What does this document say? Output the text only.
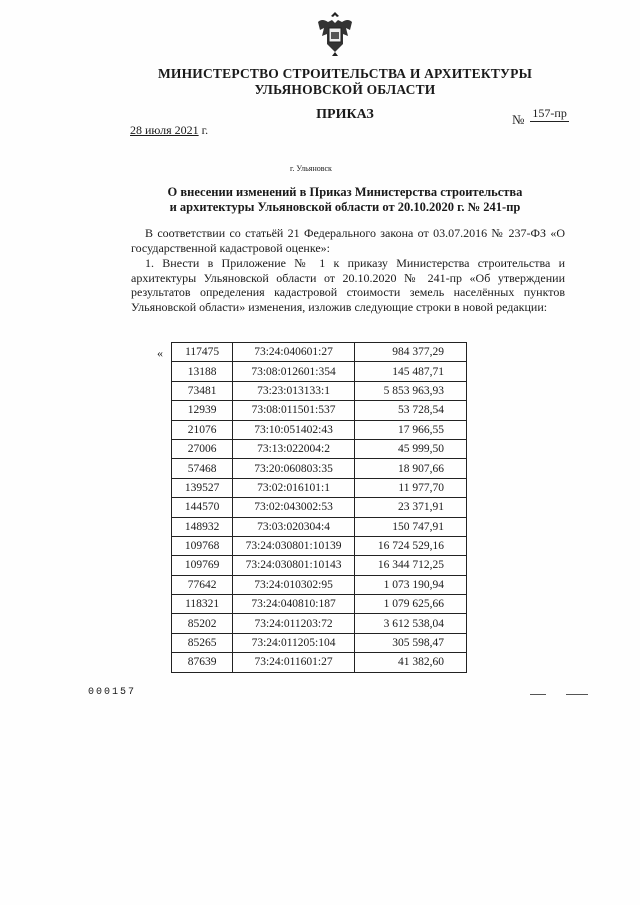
МИНИСТЕРСТВО СТРОИТЕЛЬСТВА И АРХИТЕКТУРЫ
УЛЬЯНОВСКОЙ ОБЛАСТИ
ПРИКАЗ
28 июля 2021 г.
№ 157-пр
г. Ульяновск
О внесении изменений в Приказ Министерства строительства
и архитектуры Ульяновской области от 20.10.2020 г. № 241-пр
В соответствии со статьёй 21 Федерального закона от 03.07.2016 № 237-ФЗ «О государственной кадастровой оценке»:
1. Внести в Приложение № 1 к приказу Министерства строительства и архитектуры Ульяновской области от 20.10.2020 № 241-пр «Об утверждении результатов определения кадастровой стоимости земель населённых пунктов Ульяновской области» изменения, изложив следующие строки в новой редакции:
« 117475	73:24:040601:27	984 377,29
13188	73:08:012601:354	145 487,71
73481	73:23:013133:1	5 853 963,93
12939	73:08:011501:537	53 728,54
21076	73:10:051402:43	17 966,55
27006	73:13:022004:2	45 999,50
57468	73:20:060803:35	18 907,66
139527	73:02:016101:1	11 977,70
144570	73:02:043002:53	23 371,91
148932	73:03:020304:4	150 747,91
109768	73:24:030801:10139	16 724 529,16
109769	73:24:030801:10143	16 344 712,25
77642	73:24:010302:95	1 073 190,94
118321	73:24:040810:187	1 079 625,66
85202	73:24:011203:72	3 612 538,04
85265	73:24:011205:104	305 598,47
87639	73:24:011601:27	41 382,60
000157
